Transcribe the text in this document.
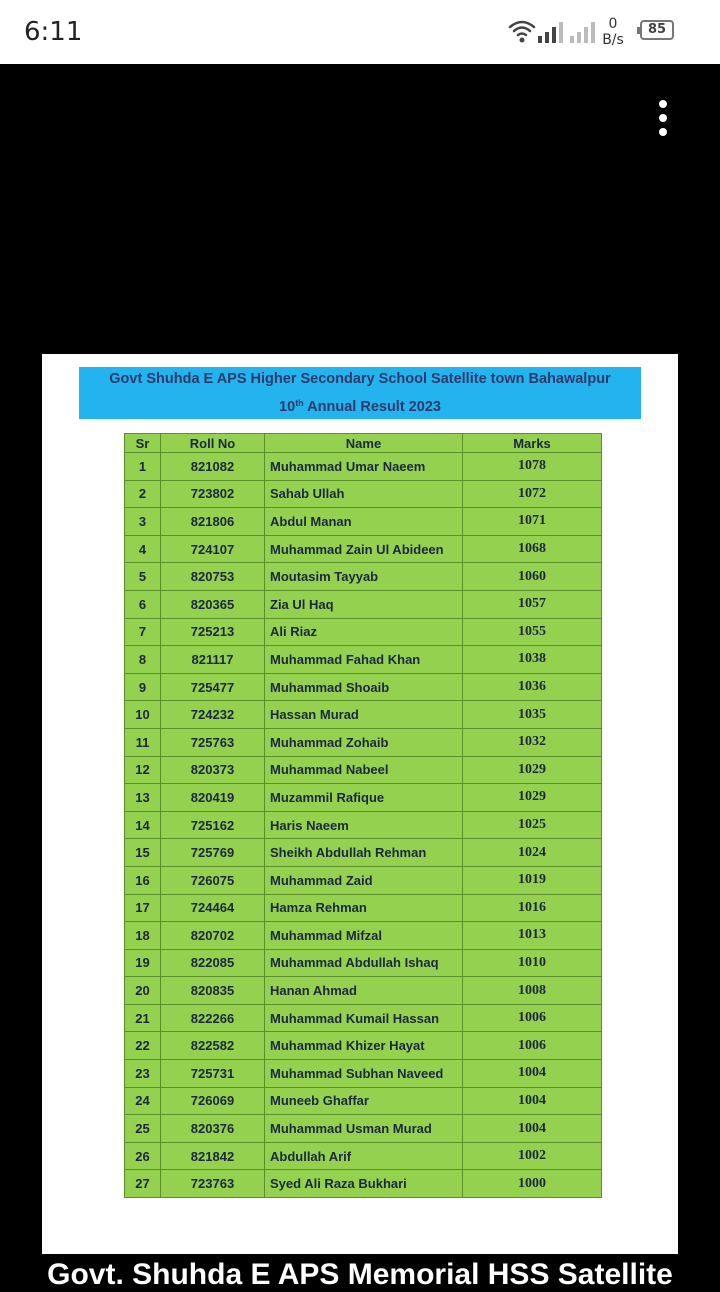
6:11	0
B/s
85
Govt Shuhda E APS Higher Secondary School Satellite town Bahawalpur
10th Annual Result 2023
Sr	Roll No	Name	Marks
1	821082	Muhammad Umar Naeem	1078
2	723802	Sahab Ullah	1072
3	821806	Abdul Manan	1071
4	724107	Muhammad Zain Ul Abideen	1068
5	820753	Moutasim Tayyab	1060
6	820365	Zia Ul Haq	1057
7	725213	Ali Riaz	1055
8	821117	Muhammad Fahad Khan	1038
9	725477	Muhammad Shoaib	1036
10	724232	Hassan Murad	1035
11	725763	Muhammad Zohaib	1032
12	820373	Muhammad Nabeel	1029
13	820419	Muzammil Rafique	1029
14	725162	Haris Naeem	1025
15	725769	Sheikh Abdullah Rehman	1024
16	726075	Muhammad Zaid	1019
17	724464	Hamza Rehman	1016
18	820702	Muhammad Mifzal	1013
19	822085	Muhammad Abdullah Ishaq	1010
20	820835	Hanan Ahmad	1008
21	822266	Muhammad Kumail Hassan	1006
22	822582	Muhammad Khizer Hayat	1006
23	725731	Muhammad Subhan Naveed	1004
24	726069	Muneeb Ghaffar	1004
25	820376	Muhammad Usman Murad	1004
26	821842	Abdullah Arif	1002
27	723763	Syed Ali Raza Bukhari	1000
Govt. Shuhda E APS Memorial HSS Satellite
